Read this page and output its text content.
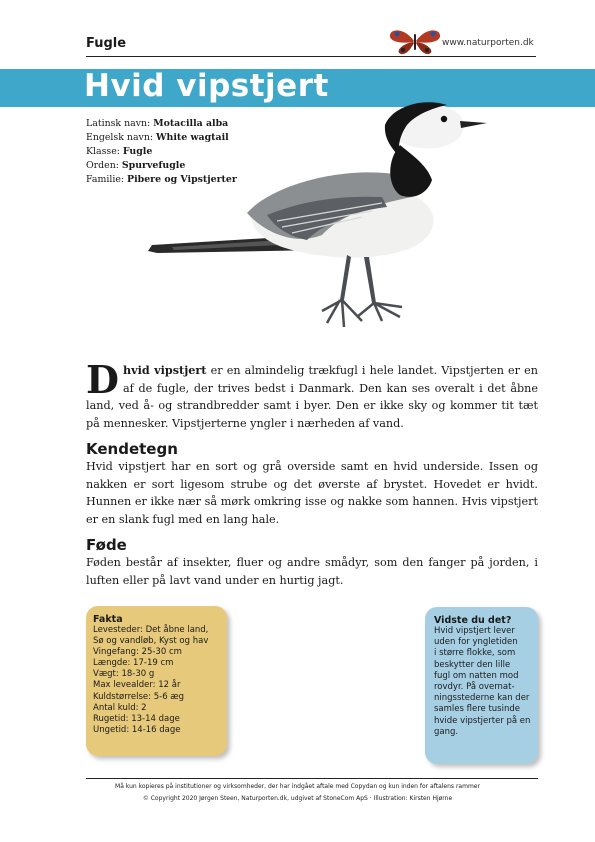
Fugle	www.naturporten.dk
Hvid vipstjert
Latinsk navn: Motacilla alba
Engelsk navn: White wagtail
Klasse: Fugle
Orden: Spurvefugle
Familie: Pibere og Vipstjerter
Dhvid vipstjert er en almindelig trækfugl i hele landet. Vipstjerten er en af de fugle, der trives bedst i Danmark. Den kan ses overalt i det åbne land, ved å- og strandbredder samt i byer. Den er ikke sky og kommer tit tæt på mennesker. Vipstjerterne yngler i nærheden af vand.
Kendetegn
Hvid vipstjert har en sort og grå overside samt en hvid underside. Issen og nakken er sort ligesom strube og det øverste af brystet. Hovedet er hvidt. Hunnen er ikke nær så mørk omkring isse og nakke som hannen. Hvis vipstjert er en slank fugl med en lang hale.
Føde
Føden består af insekter, fluer og andre smådyr, som den fanger på jorden, i luften eller på lavt vand under en hurtig jagt.
Fakta
Levesteder: Det åbne land,
Sø og vandløb, Kyst og hav
Vingefang: 25-30 cm
Længde: 17-19 cm
Vægt: 18-30 g
Max levealder: 12 år
Kuldstørrelse: 5-6 æg
Antal kuld: 2
Rugetid: 13-14 dage
Ungetid: 14-16 dage
Vidste du det?
Hvid vipstjert lever
uden for yngletiden
i større flokke, som
beskytter den lille
fugl om natten mod
rovdyr. På overnat-
ningsstederne kan der
samles flere tusinde
hvide vipstjerter på en
gang.
Må kun kopieres på institutioner og virksomheder, der har indgået aftale med Copydan og kun inden for aftalens rammer
© Copyright 2020 Jørgen Steen, Naturporten.dk, udgivet af StoneCom ApS · Illustration: Kirsten Hjørne
